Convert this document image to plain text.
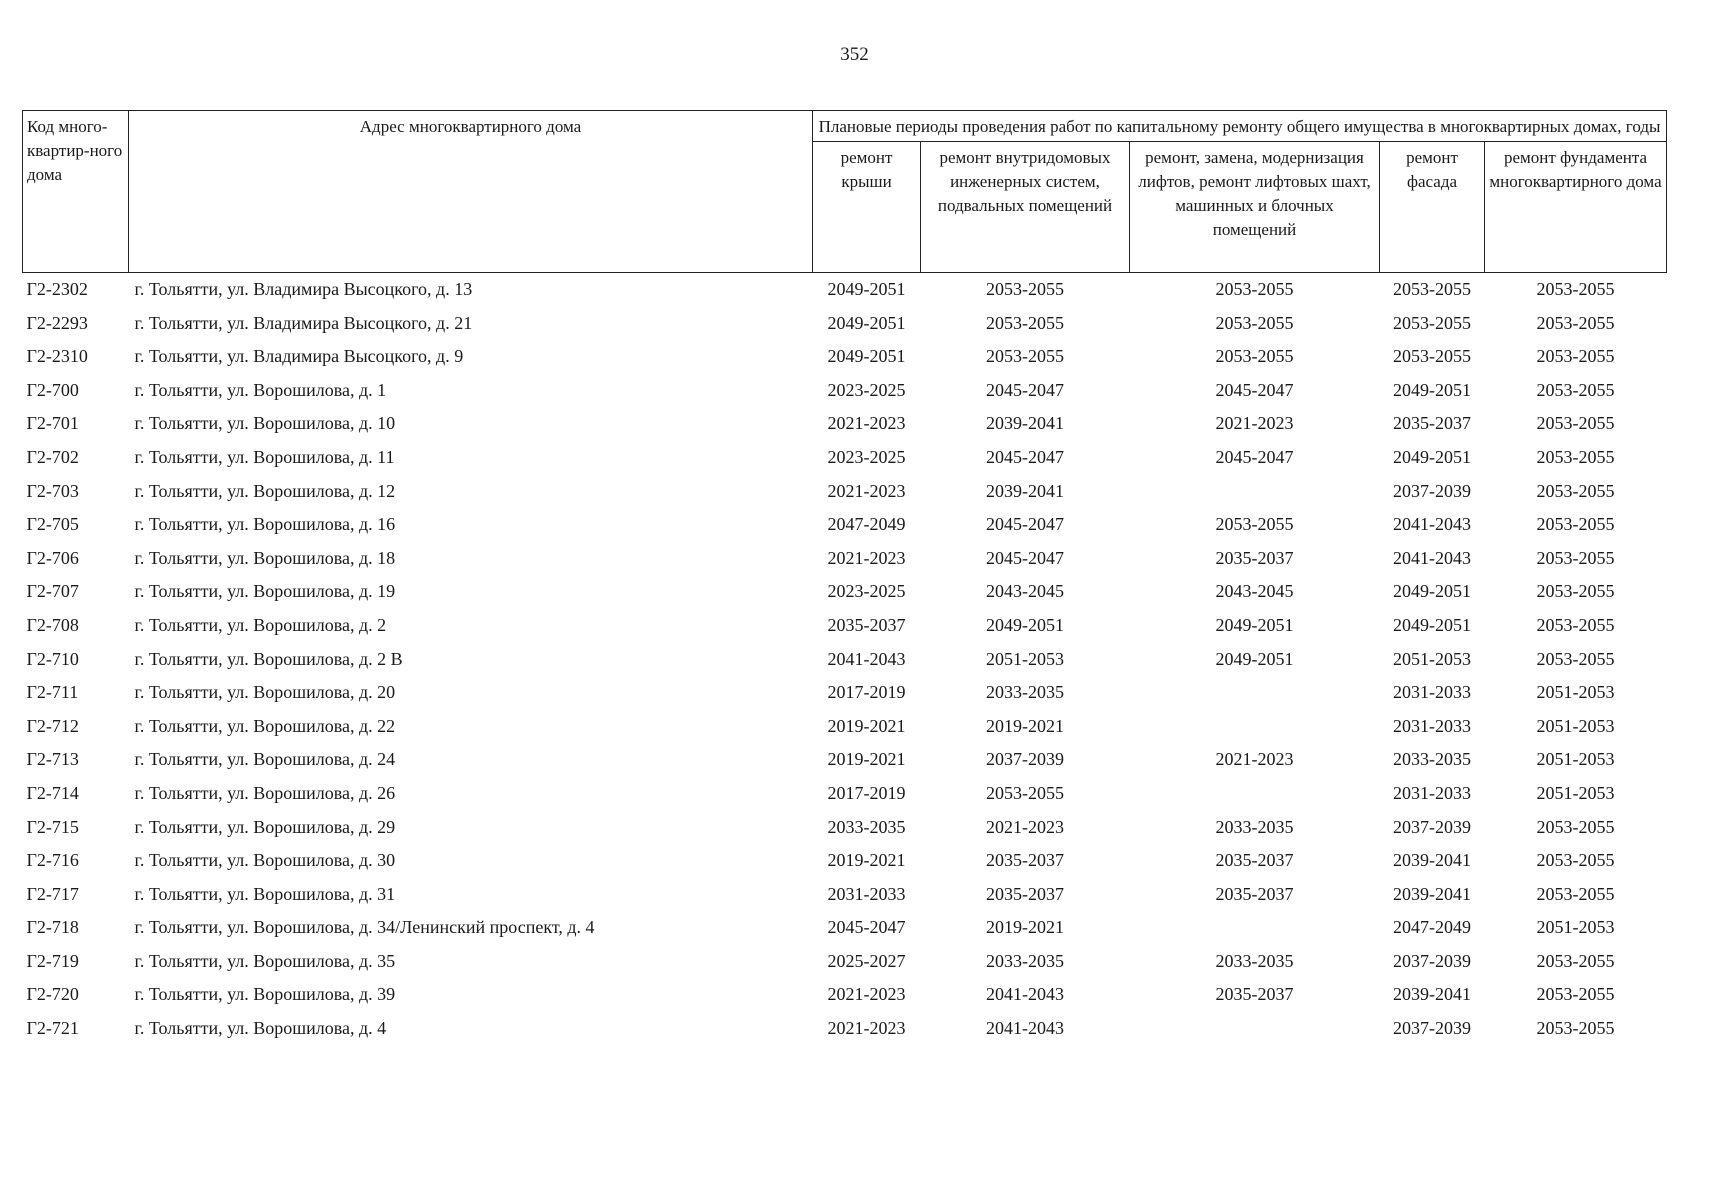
352
Код много-квартир-ного дома	Адрес многоквартирного дома	Плановые периоды проведения работ по капитальному ремонту общего имущества в многоквартирных домах, годы				
		ремонт крыши	ремонт внутридомовых инженерных систем, подвальных помещений	ремонт, замена, модернизация лифтов, ремонт лифтовых шахт, машинных и блочных помещений	ремонт фасада	ремонт фундамента многоквартирного дома
Г2-2302	г. Тольятти, ул. Владимира Высоцкого, д. 13	2049-2051	2053-2055	2053-2055	2053-2055	2053-2055
Г2-2293	г. Тольятти, ул. Владимира Высоцкого, д. 21	2049-2051	2053-2055	2053-2055	2053-2055	2053-2055
Г2-2310	г. Тольятти, ул. Владимира Высоцкого, д. 9	2049-2051	2053-2055	2053-2055	2053-2055	2053-2055
Г2-700	г. Тольятти, ул. Ворошилова, д. 1	2023-2025	2045-2047	2045-2047	2049-2051	2053-2055
Г2-701	г. Тольятти, ул. Ворошилова, д. 10	2021-2023	2039-2041	2021-2023	2035-2037	2053-2055
Г2-702	г. Тольятти, ул. Ворошилова, д. 11	2023-2025	2045-2047	2045-2047	2049-2051	2053-2055
Г2-703	г. Тольятти, ул. Ворошилова, д. 12	2021-2023	2039-2041		2037-2039	2053-2055
Г2-705	г. Тольятти, ул. Ворошилова, д. 16	2047-2049	2045-2047	2053-2055	2041-2043	2053-2055
Г2-706	г. Тольятти, ул. Ворошилова, д. 18	2021-2023	2045-2047	2035-2037	2041-2043	2053-2055
Г2-707	г. Тольятти, ул. Ворошилова, д. 19	2023-2025	2043-2045	2043-2045	2049-2051	2053-2055
Г2-708	г. Тольятти, ул. Ворошилова, д. 2	2035-2037	2049-2051	2049-2051	2049-2051	2053-2055
Г2-710	г. Тольятти, ул. Ворошилова, д. 2 В	2041-2043	2051-2053	2049-2051	2051-2053	2053-2055
Г2-711	г. Тольятти, ул. Ворошилова, д. 20	2017-2019	2033-2035		2031-2033	2051-2053
Г2-712	г. Тольятти, ул. Ворошилова, д. 22	2019-2021	2019-2021		2031-2033	2051-2053
Г2-713	г. Тольятти, ул. Ворошилова, д. 24	2019-2021	2037-2039	2021-2023	2033-2035	2051-2053
Г2-714	г. Тольятти, ул. Ворошилова, д. 26	2017-2019	2053-2055		2031-2033	2051-2053
Г2-715	г. Тольятти, ул. Ворошилова, д. 29	2033-2035	2021-2023	2033-2035	2037-2039	2053-2055
Г2-716	г. Тольятти, ул. Ворошилова, д. 30	2019-2021	2035-2037	2035-2037	2039-2041	2053-2055
Г2-717	г. Тольятти, ул. Ворошилова, д. 31	2031-2033	2035-2037	2035-2037	2039-2041	2053-2055
Г2-718	г. Тольятти, ул. Ворошилова, д. 34/Ленинский проспект, д. 4	2045-2047	2019-2021		2047-2049	2051-2053
Г2-719	г. Тольятти, ул. Ворошилова, д. 35	2025-2027	2033-2035	2033-2035	2037-2039	2053-2055
Г2-720	г. Тольятти, ул. Ворошилова, д. 39	2021-2023	2041-2043	2035-2037	2039-2041	2053-2055
Г2-721	г. Тольятти, ул. Ворошилова, д. 4	2021-2023	2041-2043		2037-2039	2053-2055
